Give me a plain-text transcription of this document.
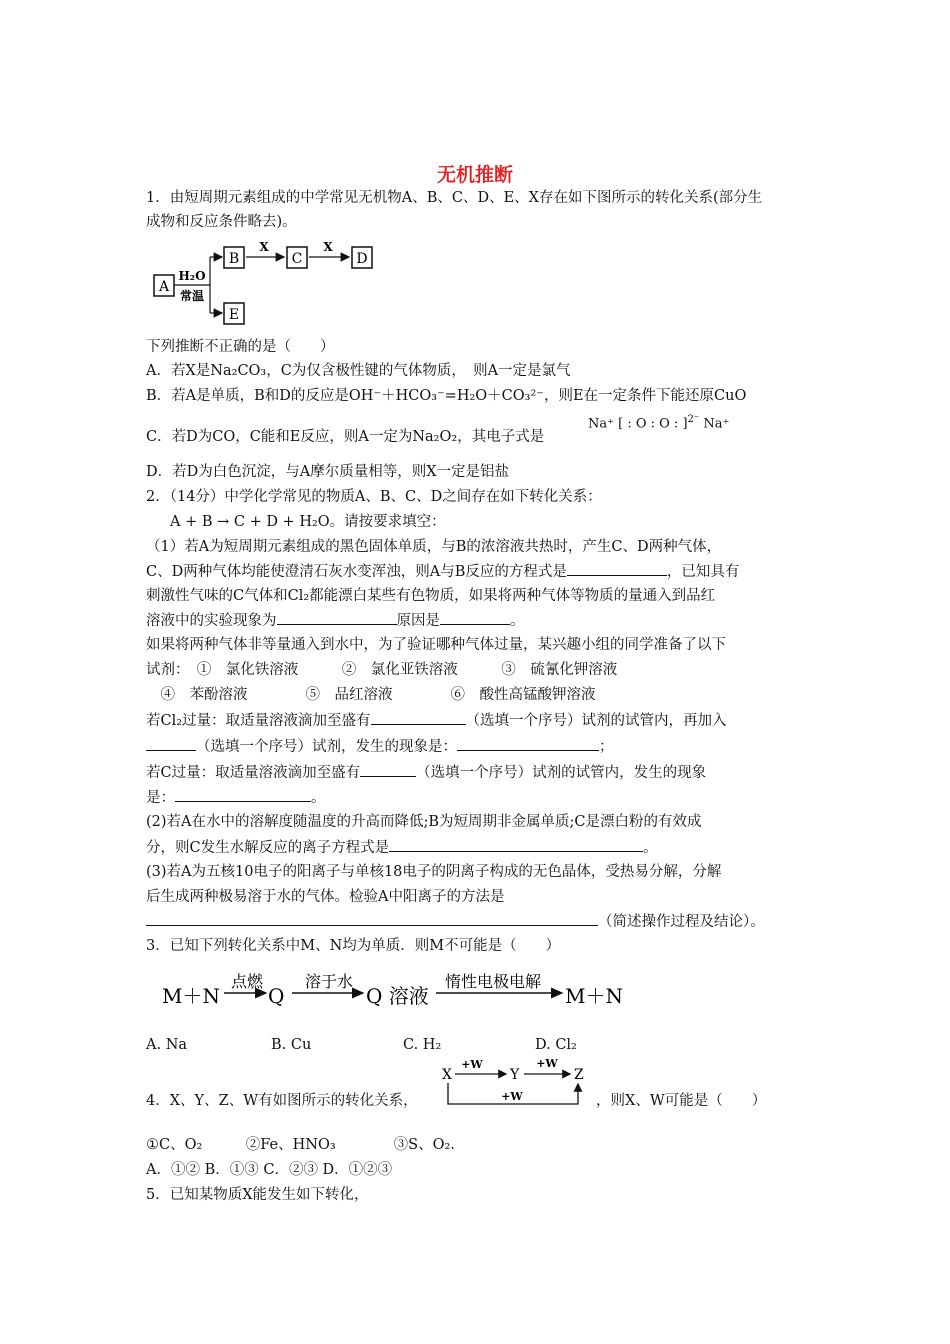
无机推断
1．由短周期元素组成的中学常见无机物A、B、C、D、E、X存在如下图所示的转化关系(部分生
成物和反应条件略去)。
A
H₂O
常温
B
X
C
X
D
E
下列推断不正确的是（　　）
A．若X是Na₂CO₃，C为仅含极性键的气体物质，　则A一定是氯气
B．若A是单质，B和D的反应是OH⁻＋HCO₃⁻=H₂O＋CO₃²⁻，则E在一定条件下能还原CuO
C．若D为CO，C能和E反应，则A一定为Na₂O₂，其电子式是
Na⁺ [ : O : O : ]$^{2^-}$ Na⁺
D．若D为白色沉淀，与A摩尔质量相等，则X一定是铝盐
2．（14分）中学化学常见的物质A、B、C、D之间存在如下转化关系：
A + B → C + D + H₂O。请按要求填空：
（1）若A为短周期元素组成的黑色固体单质，与B的浓溶液共热时，产生C、D两种气体，
C、D两种气体均能使澄清石灰水变浑浊，则A与B反应的方程式是	，已知具有
刺激性气味的C气体和Cl₂都能漂白某些有色物质，如果将两种气体等物质的量通入到品红
溶液中的实验现象为	原因是	。
如果将两种气体非等量通入到水中，为了验证哪种气体过量，某兴趣小组的同学准备了以下
试剂：　①　氯化铁溶液　　　②　氯化亚铁溶液　　　③　硫氰化钾溶液
　④　苯酚溶液　　　　⑤　品红溶液　　　　⑥　酸性高锰酸钾溶液
若Cl₂过量：取适量溶液滴加至盛有	（选填一个序号）试剂的试管内，再加入
（选填一个序号）试剂，发生的现象是：	；
若C过量：取适量溶液滴加至盛有	（选填一个序号）试剂的试管内，发生的现象
是：	。
(2)若A在水中的溶解度随温度的升高而降低;B为短周期非金属单质;C是漂白粉的有效成
分，则C发生水解反应的离子方程式是	。
(3)若A为五核10电子的阳离子与单核18电子的阴离子构成的无色晶体，受热易分解，分解
后生成两种极易溶于水的气体。检验A中阳离子的方法是
（简述操作过程及结论）。
3．已知下列转化关系中M、N均为单质．则M不可能是（　　）
M＋N
点燃
Q
溶于水
Q 溶液
惰性电极电解
M＋N
A. Na	B. Cu	C. H₂	D. Cl₂
4．X、Y、Z、W有如图所示的转化关系，
X
+W
Y
+W
Z
+W	，则X、W可能是（　　）
①C、O₂　　　②Fe、HNO₃　　　　③S、O₂.
A．①② B．①③ C．②③ D．①②③
5．已知某物质X能发生如下转化，
